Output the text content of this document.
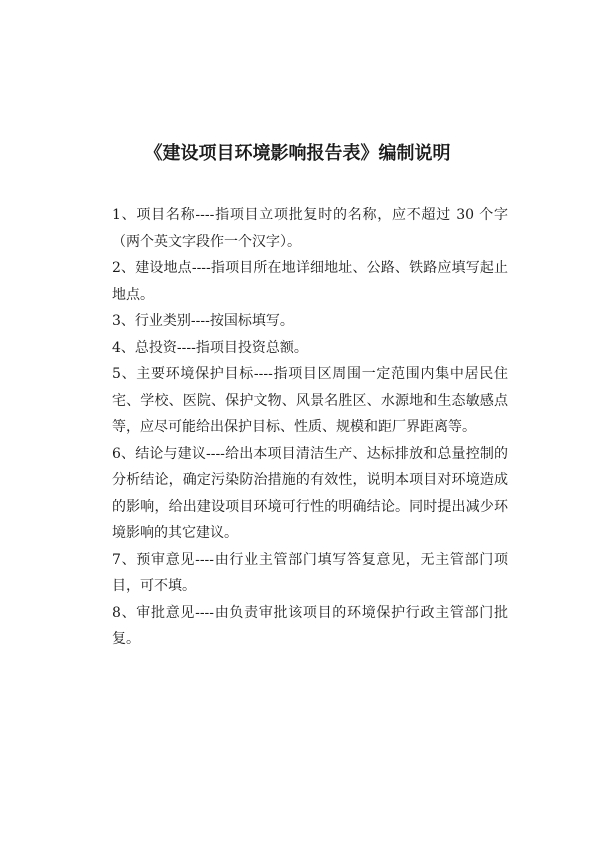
《建设项目环境影响报告表》编制说明

1、项目名称----指项目立项批复时的名称，应不超过 30 个字（两个英文字段作一个汉字）。

2、建设地点----指项目所在地详细地址、公路、铁路应填写起止地点。

3、行业类别----按国标填写。

4、总投资----指项目投资总额。

5、主要环境保护目标----指项目区周围一定范围内集中居民住宅、学校、医院、保护文物、风景名胜区、水源地和生态敏感点等，应尽可能给出保护目标、性质、规模和距厂界距离等。

6、结论与建议----给出本项目清洁生产、达标排放和总量控制的分析结论，确定污染防治措施的有效性，说明本项目对环境造成的影响，给出建设项目环境可行性的明确结论。同时提出减少环境影响的其它建议。

7、预审意见----由行业主管部门填写答复意见，无主管部门项目，可不填。

8、审批意见----由负责审批该项目的环境保护行政主管部门批复。
